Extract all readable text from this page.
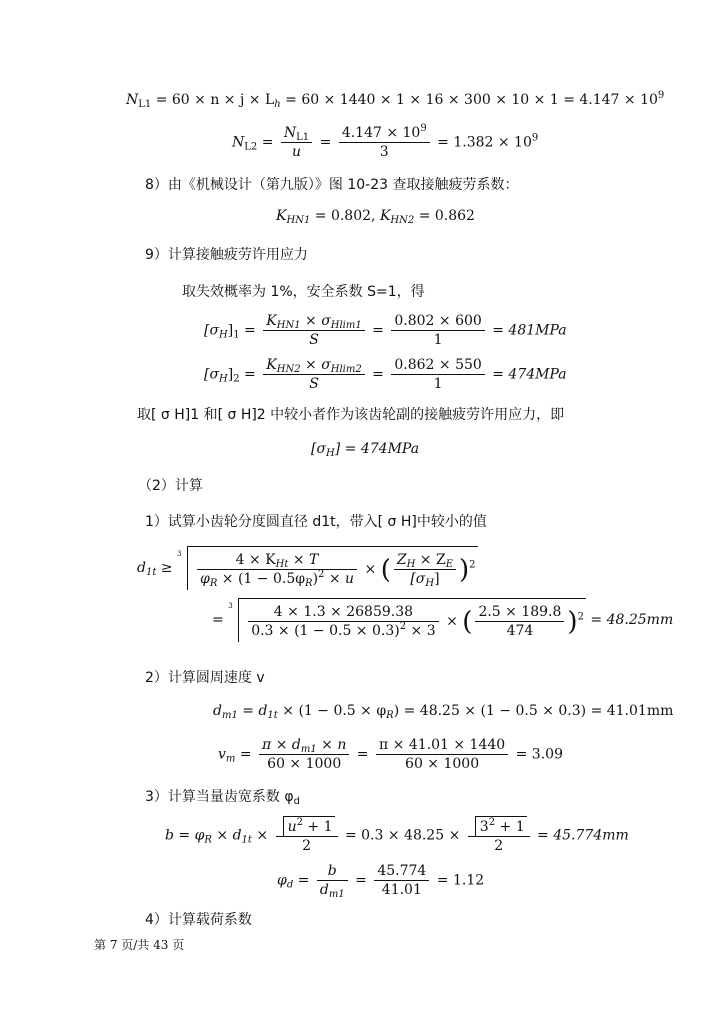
$N_{L1} = 60 \times n \times j \times L_h = 60 \times 1440 \times 1 \times 16 \times 300 \times 10 \times 1 = 4.147 \times 10^9$
$N_{L2} = \frac{N_{L1}}{u} = \frac{4.147 \times 10^9}{3} = 1.382 \times 10^9$
8）由《机械设计（第九版）》图 10-23 查取接触疲劳系数：
$K_{HN1} = 0.802$, $K_{HN2} = 0.862$
9）计算接触疲劳许用应力
取失效概率为 1%，安全系数 S=1，得
$[\sigma_H]_1 = \frac{K_{HN1} \times \sigma_{Hlim1}}{S} = \frac{0.802 \times 600}{1} = 481MPa$
$[\sigma_H]_2 = \frac{K_{HN2} \times \sigma_{Hlim2}}{S} = \frac{0.862 \times 550}{1} = 474MPa$
取[ σ H]1 和[ σ H]2 中较小者作为该齿轮副的接触疲劳许用应力，即
$[\sigma_H] = 474MPa$
（2）计算
1）试算小齿轮分度圆直径 d1t，带入[ σ H]中较小的值
$d_{1t}$ ≥
$3 \frac{4 \times K_{Ht} \times T}{\varphi_R \times (1 - 0.5\varphi_R)^2 \times u}$ × ( $\frac{Z_H \times Z_E}{[\sigma_H]} )^2$
=
$3 \frac{4 \times 1.3 \times 26859.38}{0.3 \times (1 - 0.5 \times 0.3)^2 \times 3}$ × ( $\frac{2.5 \times 189.8}{474} )^2 = 48.25mm$
2）计算圆周速度 v
$d_{m1} = d_{1t} \times (1 - 0.5 \times \varphi_R) = 48.25 \times (1 - 0.5 \times 0.3) = 41.01mm$
$v_m = \frac{\pi \times d_{m1} \times n}{60 \times 1000} = \frac{\pi \times 41.01 \times 1440}{60 \times 1000} = 3.09$
3）计算当量齿宽系数 $\varphi_d$
$b = \varphi_R \times d_{1t} \times \frac{u^2 + 1}{2} = 0.3 \times 48.25 \times \frac{3^2 + 1}{2} = 45.774mm$
$\varphi_d = \frac{b}{d_{m1}} = \frac{45.774}{41.01} = 1.12$
4）计算载荷系数
第 7 页/共 43 页
